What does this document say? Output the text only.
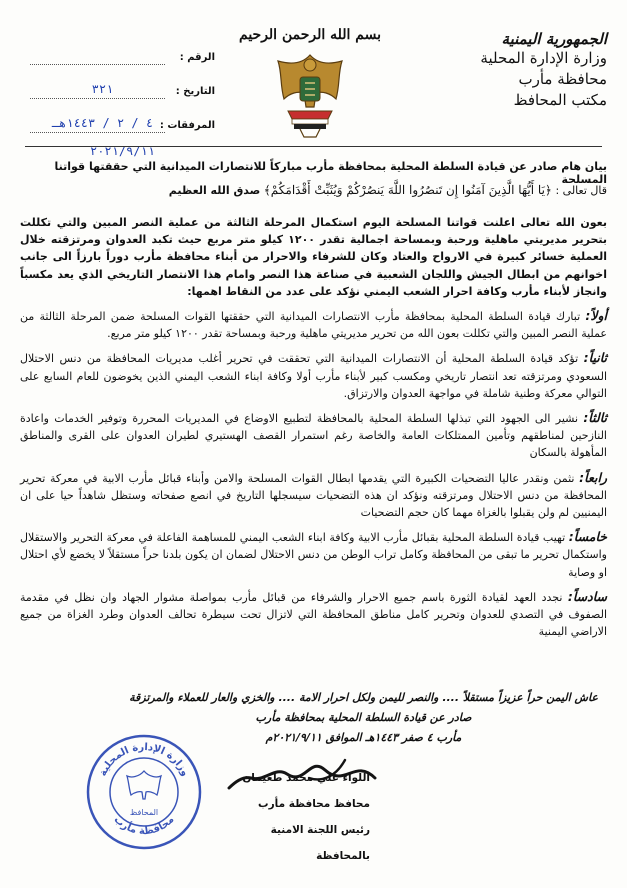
الجمهورية اليمنية
وزارة الإدارة المحلية
محافظة مأرب
مكتب المحافظ
بسم الله الرحمن الرحيم
الرقم :
التاريخ :
٣٢١
المرفقات :
٤ / ٢ / ١٤٤٣هـ
٢٠٢١/٩/١١
بيان هام صادر عن قيادة السلطة المحلية بمحافظة مأرب مباركاً للانتصارات الميدانية التي حققتها قواتنا المسلحة
قال تعالى : ﴿يَا أَيُّهَا الَّذِينَ آمَنُوا إِن تَنصُرُوا اللَّهَ يَنصُرْكُمْ وَيُثَبِّتْ أَقْدَامَكُمْ﴾ صدق الله العظيم

بعون الله تعالى اعلنت قواتنا المسلحة اليوم استكمال المرحلة الثالثة من عملية النصر المبين والتي تكللت بتحرير مديريتي ماهلية ورحبة وبمساحة اجمالية تقدر ١٢٠٠ كيلو متر مربع حيث تكبد العدوان ومرتزقته خلال العملية خسائر كبيرة في الارواح والعتاد وكان للشرفاء والاحرار من أبناء محافظة مأرب دوراً بارزاً الى جانب اخوانهم من ابطال الجيش واللجان الشعبية في صناعة هذا النصر وامام هذا الانتصار التاريخي الذي يعد مكسباً وانجاز لأبناء مأرب وكافة احرار الشعب اليمني نؤكد على عدد من النقاط اهمها:

أولاً: تبارك قيادة السلطة المحلية بمحافظة مأرب الانتصارات الميدانية التي حققتها القوات المسلحة ضمن المرحلة الثالثة من عملية النصر المبين والتي تكللت بعون الله من تحرير مديريتي ماهلية ورحبة وبمساحة تقدر ١٢٠٠ كيلو متر مربع.

ثانياً: تؤكد قيادة السلطة المحلية أن الانتصارات الميدانية التي تحققت في تحرير أغلب مديريات المحافظة من دنس الاحتلال السعودي ومرتزقته تعد انتصار تاريخي ومكسب كبير لأبناء مأرب أولا وكافة ابناء الشعب اليمني الذين يخوضون للعام السابع على التوالي معركة وطنية شاملة في مواجهة العدوان والارتزاق.

ثالثاً: نشير الى الجهود التي تبذلها السلطة المحلية بالمحافظة لتطبيع الاوضاع في المديريات المحررة وتوفير الخدمات واعادة النازحين لمناطقهم وتأمين الممتلكات العامة والخاصة رغم استمرار القصف الهستيري لطيران العدوان على القرى والمناطق المأهولة بالسكان

رابعاً: نثمن ونقدر عاليا التضحيات الكبيرة التي يقدمها ابطال القوات المسلحة والامن وأبناء قبائل مأرب الابية في معركة تحرير المحافظة من دنس الاحتلال ومرتزقته ونؤكد ان هذه التضحيات سيسجلها التاريخ في انصع صفحاته وستظل شاهداً حيا على ان اليمنيين لم ولن يقبلوا بالغزاة مهما كان حجم التضحيات

خامساً: تهيب قيادة السلطة المحلية بقبائل مأرب الابية وكافة ابناء الشعب اليمني للمساهمة الفاعلة في معركة التحرير والاستقلال واستكمال تحرير ما تبقى من المحافظة وكامل تراب الوطن من دنس الاحتلال لضمان ان يكون بلدنا حراً مستقلاً لا يخضع لأي احتلال او وصاية

سادساً: نجدد العهد لقيادة الثورة باسم جميع الاحرار والشرفاء من قبائل مأرب بمواصلة مشوار الجهاد وان نظل في مقدمة الصفوف في التصدي للعدوان وتحرير كامل مناطق المحافظة التي لاتزال تحت سيطرة تحالف العدوان وطرد الغزاة من جميع الاراضي اليمنية

عاش اليمن حراً عزيزاً مستقلاً .... والنصر لليمن ولكل احرار الامة .... والخزي والعار للعملاء والمرتزقة
صادر عن قيادة السلطة المحلية بمحافظة مأرب
مأرب ٤ صفر ١٤٤٣هـ الموافق ٢٠٢١/٩/١١م
اللواء علي محمد طعيمان
محافظ محافظة مأرب
رئيس اللجنة الامنية بالمحافظة
وزارة الإدارة المحلية
محافظة مأرب
المحافظ
